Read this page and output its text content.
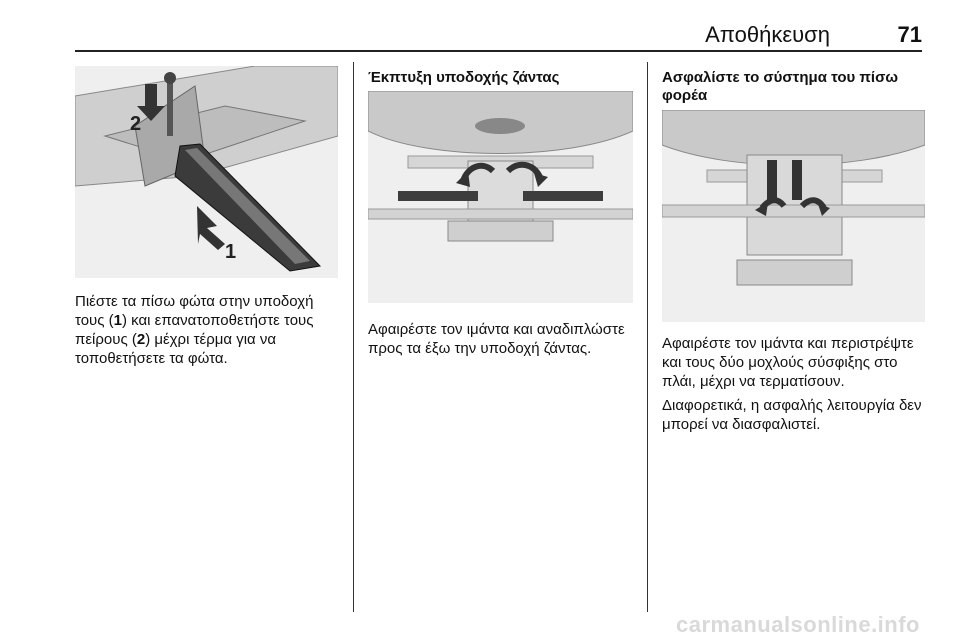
Αποθήκευση	71
2
1

Πιέστε τα πίσω φώτα στην υποδοχή τους (1) και επανατοποθετήστε τους πείρους (2) μέχρι τέρμα για να τοποθετήσετε τα φώτα.

Έκπτυξη υποδοχής ζάντας

Αφαιρέστε τον ιμάντα και αναδιπλώστε προς τα έξω την υποδοχή ζάντας.

Ασφαλίστε το σύστημα του πίσω φορέα

Αφαιρέστε τον ιμάντα και περιστρέψτε και τους δύο μοχλούς σύσφιξης στο πλάι, μέχρι να τερματίσουν.

Διαφορετικά, η ασφαλής λειτουργία δεν μπορεί να διασφαλιστεί.

carmanualsonline.info
